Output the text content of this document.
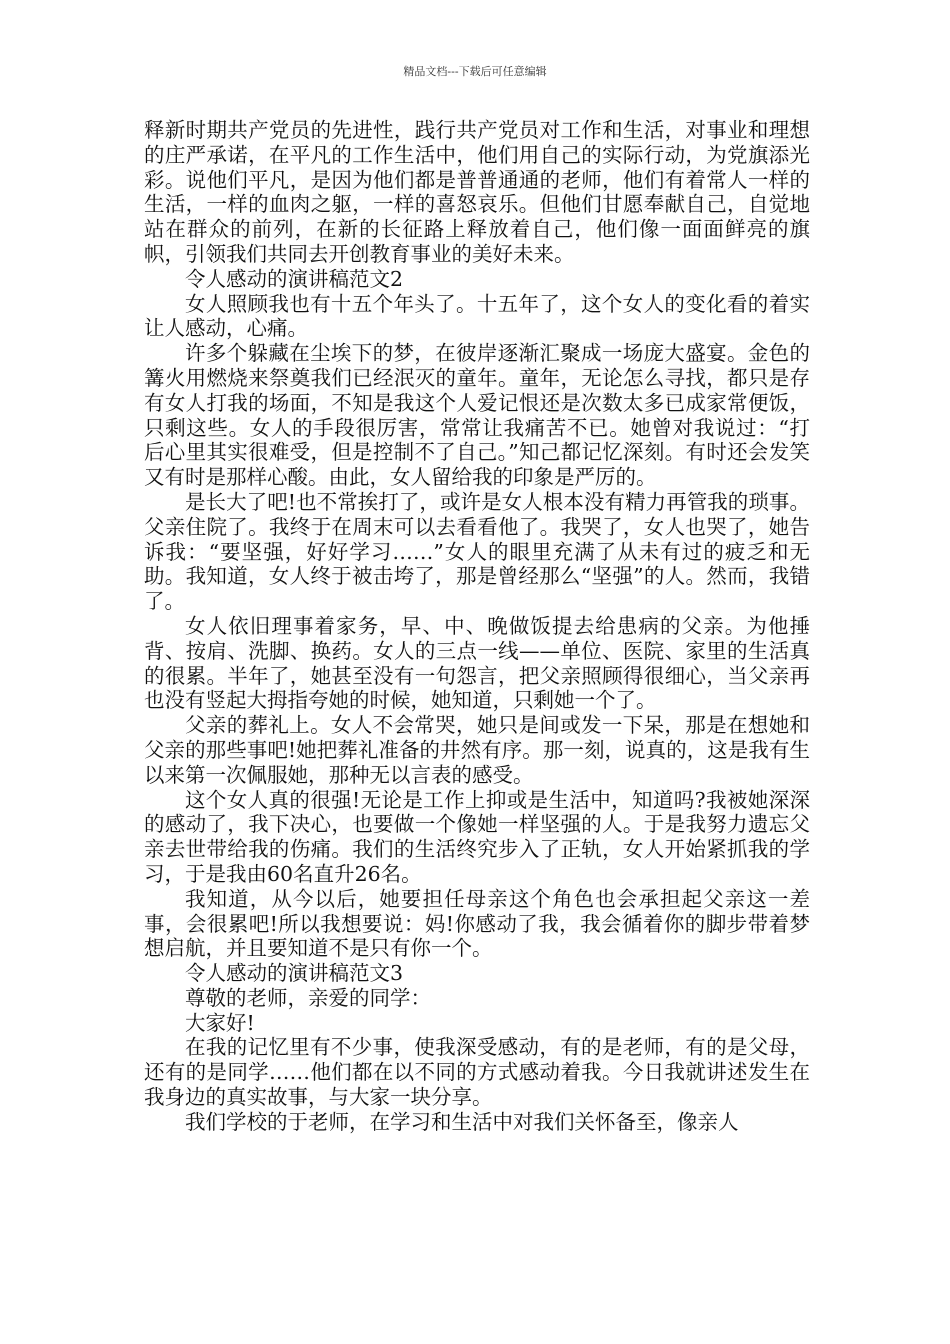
精品文档---下载后可任意编辑

释新时期共产党员的先进性，践行共产党员对工作和生活，对事业和理想的庄严承诺，在平凡的工作生活中，他们用自己的实际行动，为党旗添光彩。说他们平凡，是因为他们都是普普通通的老师，他们有着常人一样的生活，一样的血肉之躯，一样的喜怒哀乐。但他们甘愿奉献自己，自觉地站在群众的前列，在新的长征路上释放着自己，他们像一面面鲜亮的旗帜，引领我们共同去开创教育事业的美好未来。

令人感动的演讲稿范文2

女人照顾我也有十五个年头了。十五年了，这个女人的变化看的着实让人感动，心痛。

许多个躲藏在尘埃下的梦，在彼岸逐渐汇聚成一场庞大盛宴。金色的篝火用燃烧来祭奠我们已经泯灭的童年。童年，无论怎么寻找，都只是存有女人打我的场面，不知是我这个人爱记恨还是次数太多已成家常便饭，只剩这些。女人的手段很厉害，常常让我痛苦不已。她曾对我说过：“打后心里其实很难受，但是控制不了自己。”知己都记忆深刻。有时还会发笑又有时是那样心酸。由此，女人留给我的印象是严厉的。

是长大了吧!也不常挨打了，或许是女人根本没有精力再管我的琐事。父亲住院了。我终于在周末可以去看看他了。我哭了，女人也哭了，她告诉我：“要坚强，好好学习……”女人的眼里充满了从未有过的疲乏和无助。我知道，女人终于被击垮了，那是曾经那么“坚强”的人。然而，我错了。

女人依旧理事着家务，早、中、晚做饭提去给患病的父亲。为他捶背、按肩、洗脚、换药。女人的三点一线——单位、医院、家里的生活真的很累。半年了，她甚至没有一句怨言，把父亲照顾得很细心，当父亲再也没有竖起大拇指夸她的时候，她知道，只剩她一个了。

父亲的葬礼上。女人不会常哭，她只是间或发一下呆，那是在想她和父亲的那些事吧!她把葬礼准备的井然有序。那一刻，说真的，这是我有生以来第一次佩服她，那种无以言表的感受。

这个女人真的很强!无论是工作上抑或是生活中，知道吗?我被她深深的感动了，我下决心，也要做一个像她一样坚强的人。于是我努力遗忘父亲去世带给我的伤痛。我们的生活终究步入了正轨，女人开始紧抓我的学习，于是我由60名直升26名。

我知道，从今以后，她要担任母亲这个角色也会承担起父亲这一差事，会很累吧!所以我想要说：妈!你感动了我，我会循着你的脚步带着梦想启航，并且要知道不是只有你一个。

令人感动的演讲稿范文3

尊敬的老师，亲爱的同学：

大家好!

在我的记忆里有不少事，使我深受感动，有的是老师，有的是父母，还有的是同学……他们都在以不同的方式感动着我。今日我就讲述发生在我身边的真实故事，与大家一块分享。

我们学校的于老师，在学习和生活中对我们关怀备至，像亲人
